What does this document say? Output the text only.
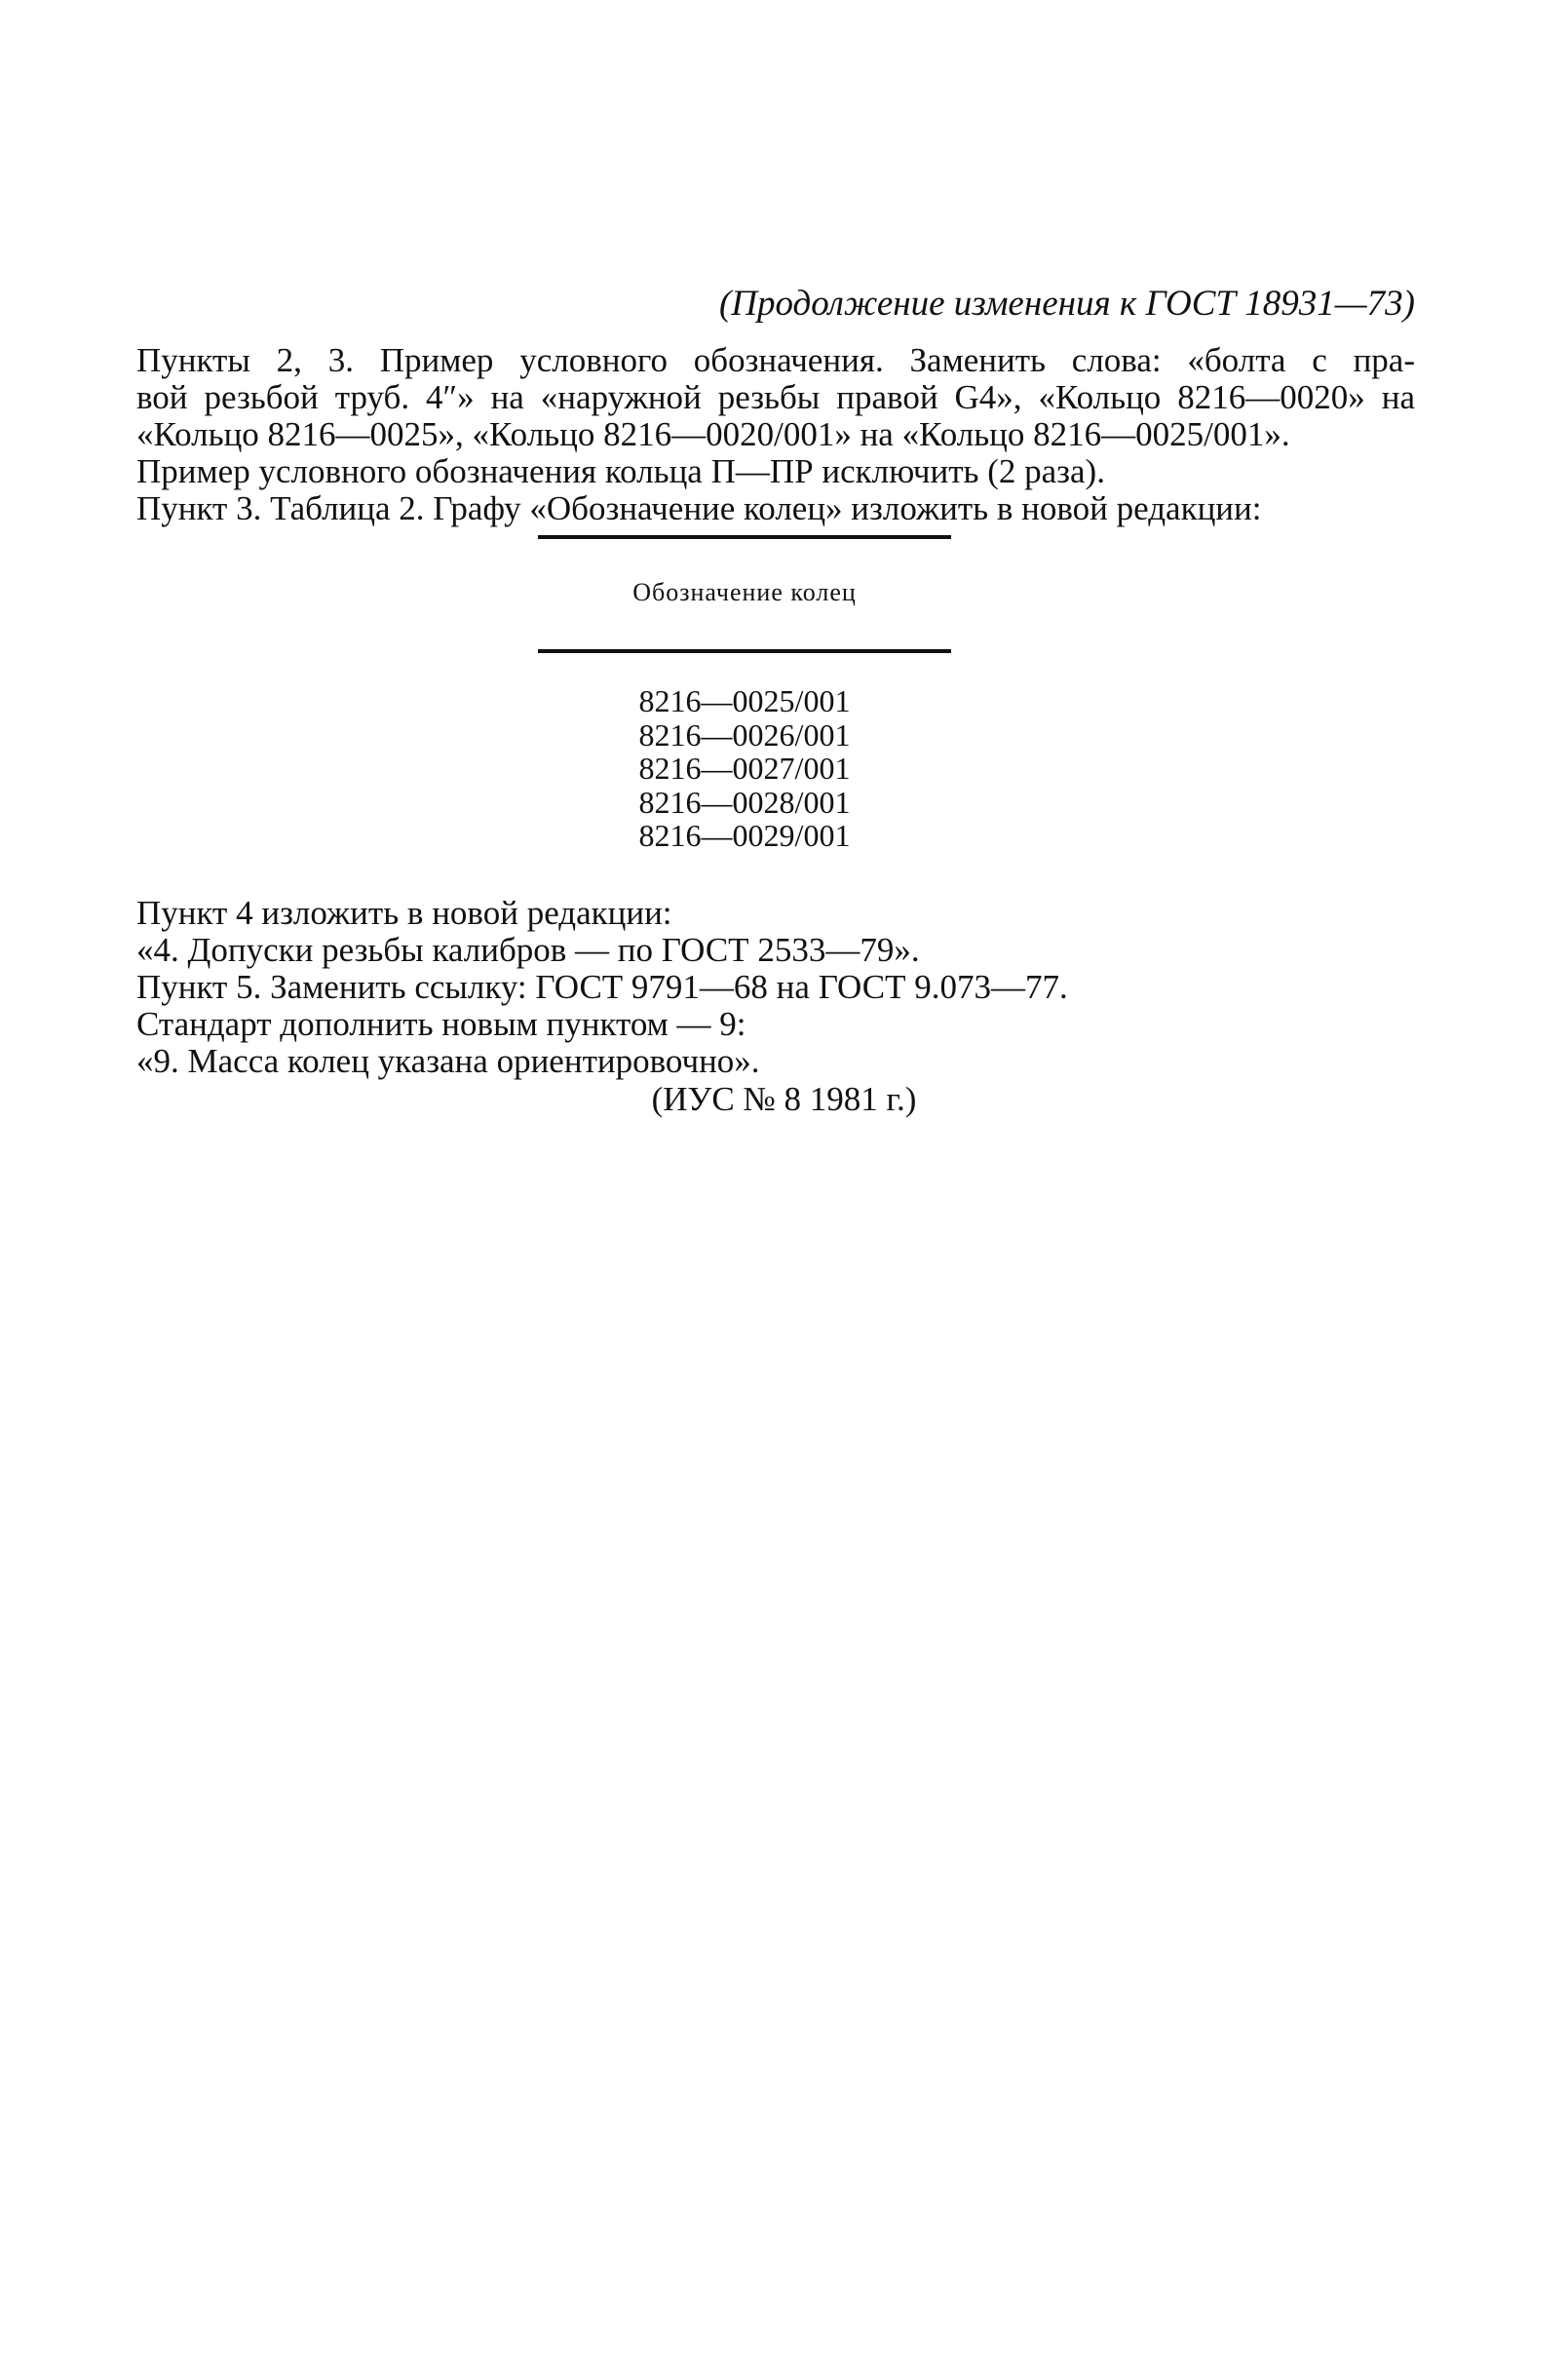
(Продолжение изменения к ГОСТ 18931—73)
Пункты 2, 3. Пример условного обозначения. Заменить слова: «болта с пра-
вой резьбой труб. 4″» на «наружной резьбы правой G4», «Кольцо 8216—0020» на
«Кольцо 8216—0025», «Кольцо 8216—0020/001» на «Кольцо 8216—0025/001».
Пример условного обозначения кольца П—ПР исключить (2 раза).
Пункт 3. Таблица 2. Графу «Обозначение колец» изложить в новой редакции:
Обозначение колец
8216—0025/001
8216—0026/001
8216—0027/001
8216—0028/001
8216—0029/001
Пункт 4 изложить в новой редакции:
«4. Допуски резьбы калибров — по ГОСТ 2533—79».
Пункт 5. Заменить ссылку: ГОСТ 9791—68 на ГОСТ 9.073—77.
Стандарт дополнить новым пунктом — 9:
«9. Масса колец указана ориентировочно».
(ИУС № 8 1981 г.)
